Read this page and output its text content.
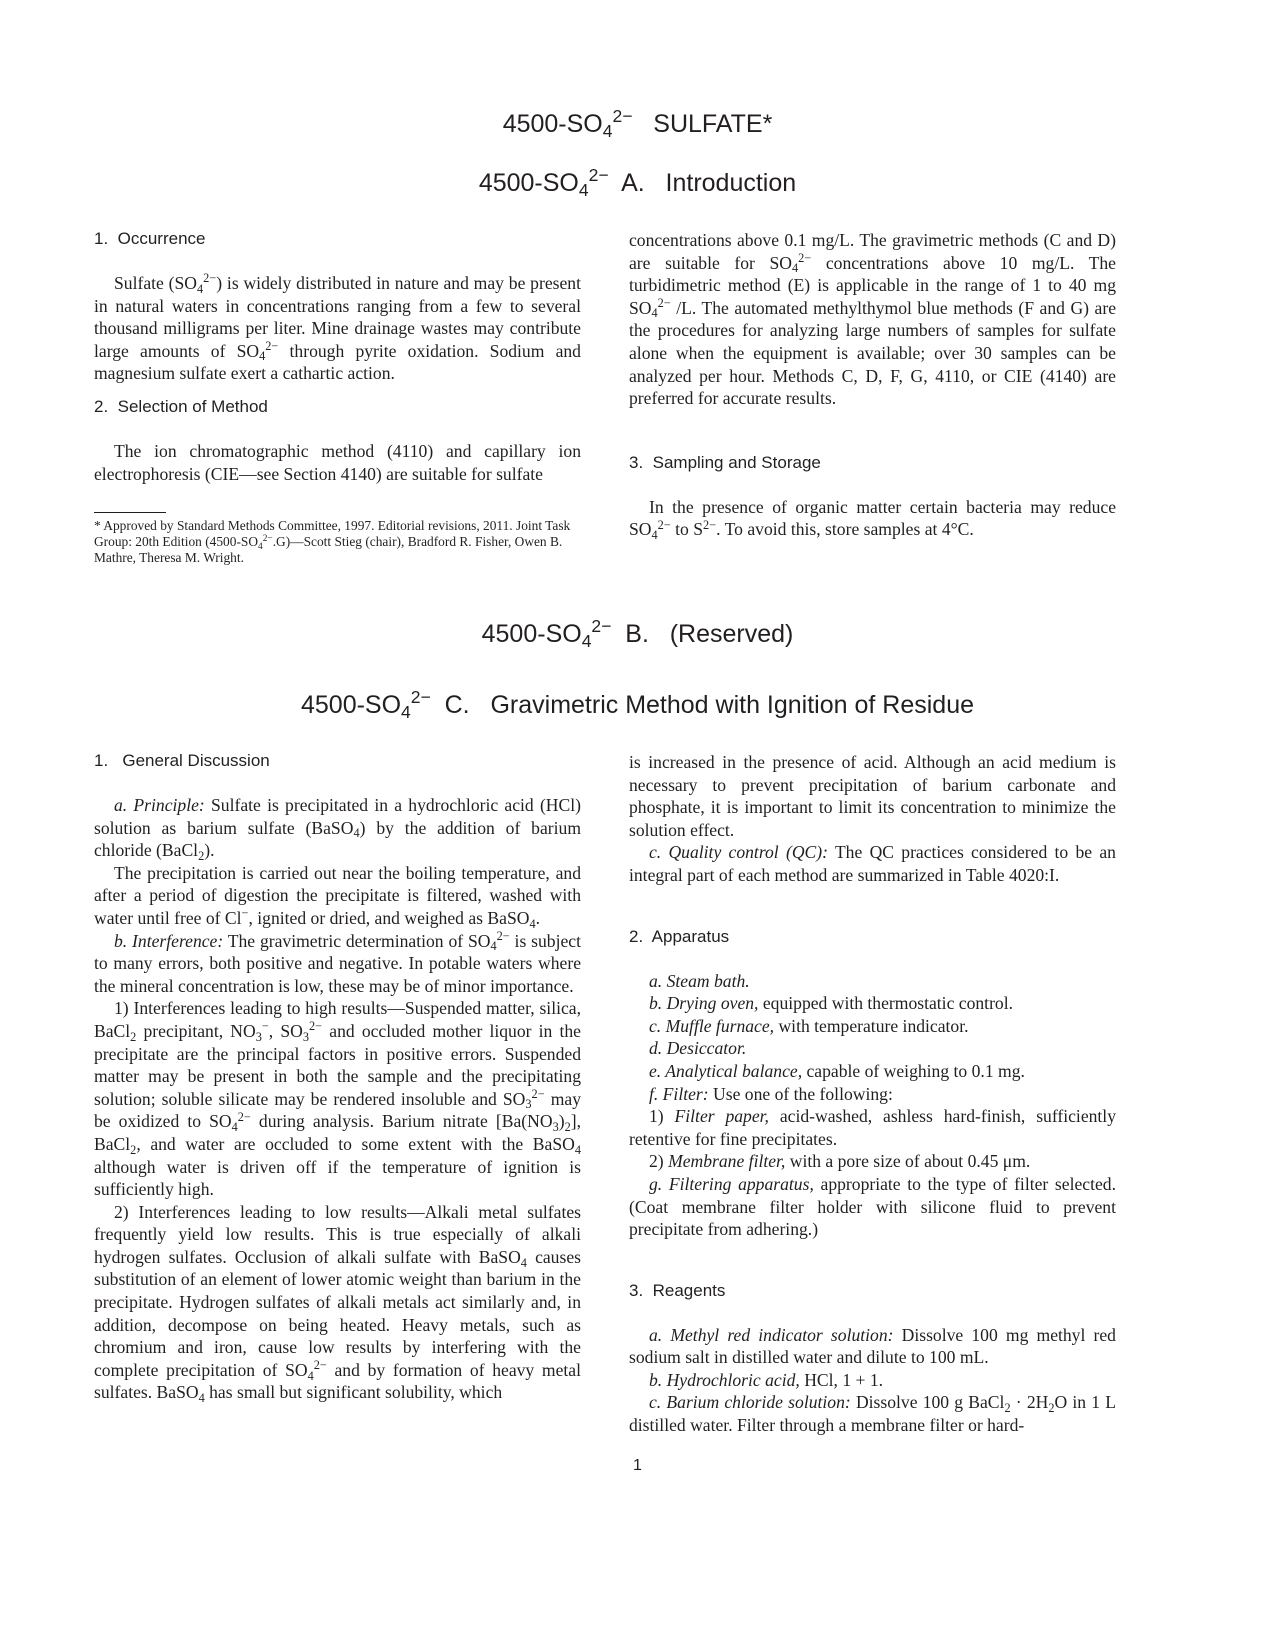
$4500-SO_4^{2-}$   SULFATE*
$4500-SO_4^{2-}$  A.   Introduction
1.  Occurrence

Sulfate $(SO_4^{2-})$ is widely distributed in nature and may be present in natural waters in concentrations ranging from a few to several thousand milligrams per liter. Mine drainage wastes may contribute large amounts of $SO_4^{2-}$ through pyrite oxidation. Sodium and magnesium sulfate exert a cathartic action.

2.  Selection of Method

The ion chromatographic method (4110) and capillary ion electrophoresis (CIE—see Section 4140) are suitable for sulfate

* Approved by Standard Methods Committee, 1997. Editorial revisions, 2011. Joint Task Group: 20th Edition $(4500-SO_4^{2-}.G)—Scott$ Stieg (chair), Bradford R. Fisher, Owen B. Mathre, Theresa M. Wright.

concentrations above 0.1 mg/L. The gravimetric methods (C and D) are suitable for $SO_4^{2-}$ concentrations above 10 mg/L. The turbidimetric method (E) is applicable in the range of 1 to 40 mg $SO_4^{2-}$ /L. The automated methylthymol blue methods (F and G) are the procedures for analyzing large numbers of samples for sulfate alone when the equipment is available; over 30 samples can be analyzed per hour. Methods C, D, F, G, 4110, or CIE (4140) are preferred for accurate results.

3.  Sampling and Storage

In the presence of organic matter certain bacteria may reduce $SO_4^{2-}$ to $S^{2-}$. To avoid this, store samples at 4°C.

$4500-SO_4^{2-}$  B.   (Reserved)
$4500-SO_4^{2-}$  C.   Gravimetric Method with Ignition of Residue
1.   General Discussion

a. Principle: Sulfate is precipitated in a hydrochloric acid (HCl) solution as barium sulfate (BaSO$_4$) by the addition of barium chloride (BaCl$_2$).

The precipitation is carried out near the boiling temperature, and after a period of digestion the precipitate is filtered, washed with water until free of Cl−, ignited or dried, and weighed as BaSO$_4$.

b. Interference: The gravimetric determination of $SO_4^{2-}$ is subject to many errors, both positive and negative. In potable waters where the mineral concentration is low, these may be of minor importance.

1) Interferences leading to high results—Suspended matter, silica, BaCl$_2$ precipitant, $NO_3^-$, $SO_3^{2-}$ and occluded mother liquor in the precipitate are the principal factors in positive errors. Suspended matter may be present in both the sample and the precipitating solution; soluble silicate may be rendered insoluble and $SO_3^{2-}$ may be oxidized to $SO_4^{2-}$ during analysis. Barium nitrate $[Ba(NO_3)_2]$, BaCl$_2$, and water are occluded to some extent with the BaSO$_4$ although water is driven off if the temperature of ignition is sufficiently high.

2) Interferences leading to low results—Alkali metal sulfates frequently yield low results. This is true especially of alkali hydrogen sulfates. Occlusion of alkali sulfate with BaSO$_4$ causes substitution of an element of lower atomic weight than barium in the precipitate. Hydrogen sulfates of alkali metals act similarly and, in addition, decompose on being heated. Heavy metals, such as chromium and iron, cause low results by interfering with the complete precipitation of $SO_4^{2-}$ and by formation of heavy metal sulfates. BaSO$_4$ has small but significant solubility, which

is increased in the presence of acid. Although an acid medium is necessary to prevent precipitation of barium carbonate and phosphate, it is important to limit its concentration to minimize the solution effect.

c. Quality control (QC): The QC practices considered to be an integral part of each method are summarized in Table 4020:I.

2.  Apparatus

a. Steam bath.

b. Drying oven, equipped with thermostatic control.

c. Muffle furnace, with temperature indicator.

d. Desiccator.

e. Analytical balance, capable of weighing to 0.1 mg.

f. Filter: Use one of the following:

1) Filter paper, acid-washed, ashless hard-finish, sufficiently retentive for fine precipitates.

2) Membrane filter, with a pore size of about 0.45 μm.

g. Filtering apparatus, appropriate to the type of filter selected. (Coat membrane filter holder with silicone fluid to prevent precipitate from adhering.)

3.  Reagents

a. Methyl red indicator solution: Dissolve 100 mg methyl red sodium salt in distilled water and dilute to 100 mL.

b. Hydrochloric acid, HCl, 1 + 1.

c. Barium chloride solution: Dissolve 100 g BaCl$_2$ · $2H_2O$ in 1 L distilled water. Filter through a membrane filter or hard-

1
